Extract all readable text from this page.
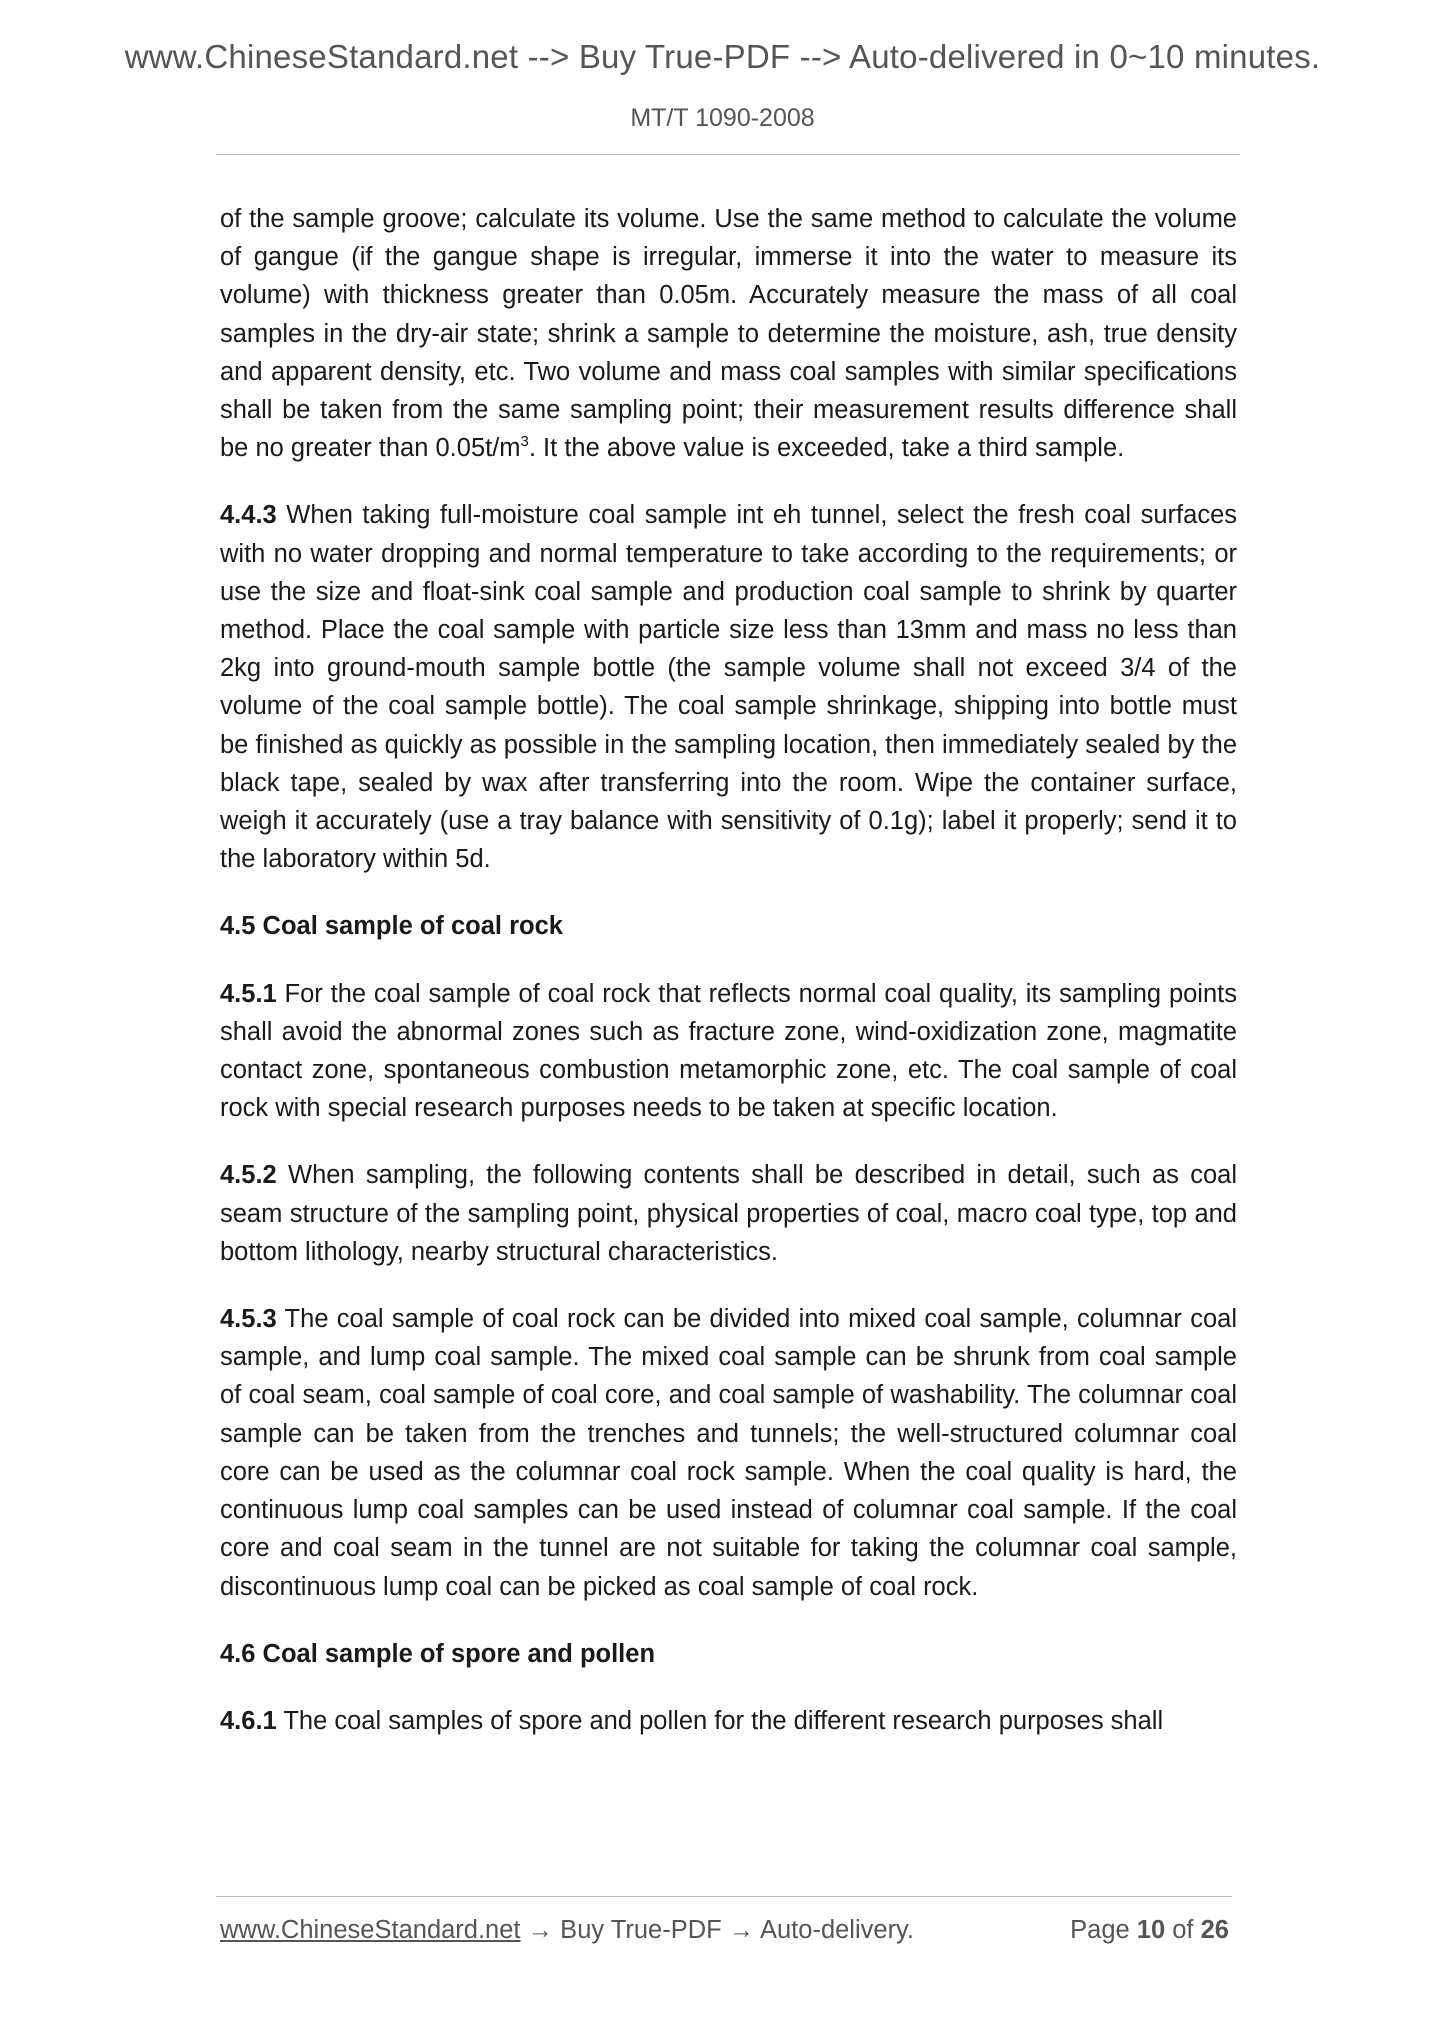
www.ChineseStandard.net --> Buy True-PDF --> Auto-delivered in 0~10 minutes.
MT/T 1090-2008

of the sample groove; calculate its volume. Use the same method to calculate the volume of gangue (if the gangue shape is irregular, immerse it into the water to measure its volume) with thickness greater than 0.05m. Accurately measure the mass of all coal samples in the dry-air state; shrink a sample to determine the moisture, ash, true density and apparent density, etc. Two volume and mass coal samples with similar specifications shall be taken from the same sampling point; their measurement results difference shall be no greater than $0.05t/m^3$. It the above value is exceeded, take a third sample.

4.4.3 When taking full-moisture coal sample int eh tunnel, select the fresh coal surfaces with no water dropping and normal temperature to take according to the requirements; or use the size and float-sink coal sample and production coal sample to shrink by quarter method. Place the coal sample with particle size less than 13mm and mass no less than 2kg into ground-mouth sample bottle (the sample volume shall not exceed 3/4 of the volume of the coal sample bottle). The coal sample shrinkage, shipping into bottle must be finished as quickly as possible in the sampling location, then immediately sealed by the black tape, sealed by wax after transferring into the room. Wipe the container surface, weigh it accurately (use a tray balance with sensitivity of 0.1g); label it properly; send it to the laboratory within 5d.

4.5 Coal sample of coal rock

4.5.1 For the coal sample of coal rock that reflects normal coal quality, its sampling points shall avoid the abnormal zones such as fracture zone, wind-oxidization zone, magmatite contact zone, spontaneous combustion metamorphic zone, etc. The coal sample of coal rock with special research purposes needs to be taken at specific location.

4.5.2 When sampling, the following contents shall be described in detail, such as coal seam structure of the sampling point, physical properties of coal, macro coal type, top and bottom lithology, nearby structural characteristics.

4.5.3 The coal sample of coal rock can be divided into mixed coal sample, columnar coal sample, and lump coal sample. The mixed coal sample can be shrunk from coal sample of coal seam, coal sample of coal core, and coal sample of washability. The columnar coal sample can be taken from the trenches and tunnels; the well-structured columnar coal core can be used as the columnar coal rock sample. When the coal quality is hard, the continuous lump coal samples can be used instead of columnar coal sample. If the coal core and coal seam in the tunnel are not suitable for taking the columnar coal sample, discontinuous lump coal can be picked as coal sample of coal rock.

4.6 Coal sample of spore and pollen

4.6.1 The coal samples of spore and pollen for the different research purposes shall

www.ChineseStandard.net → Buy True-PDF → Auto-delivery.	Page 10 of 26
